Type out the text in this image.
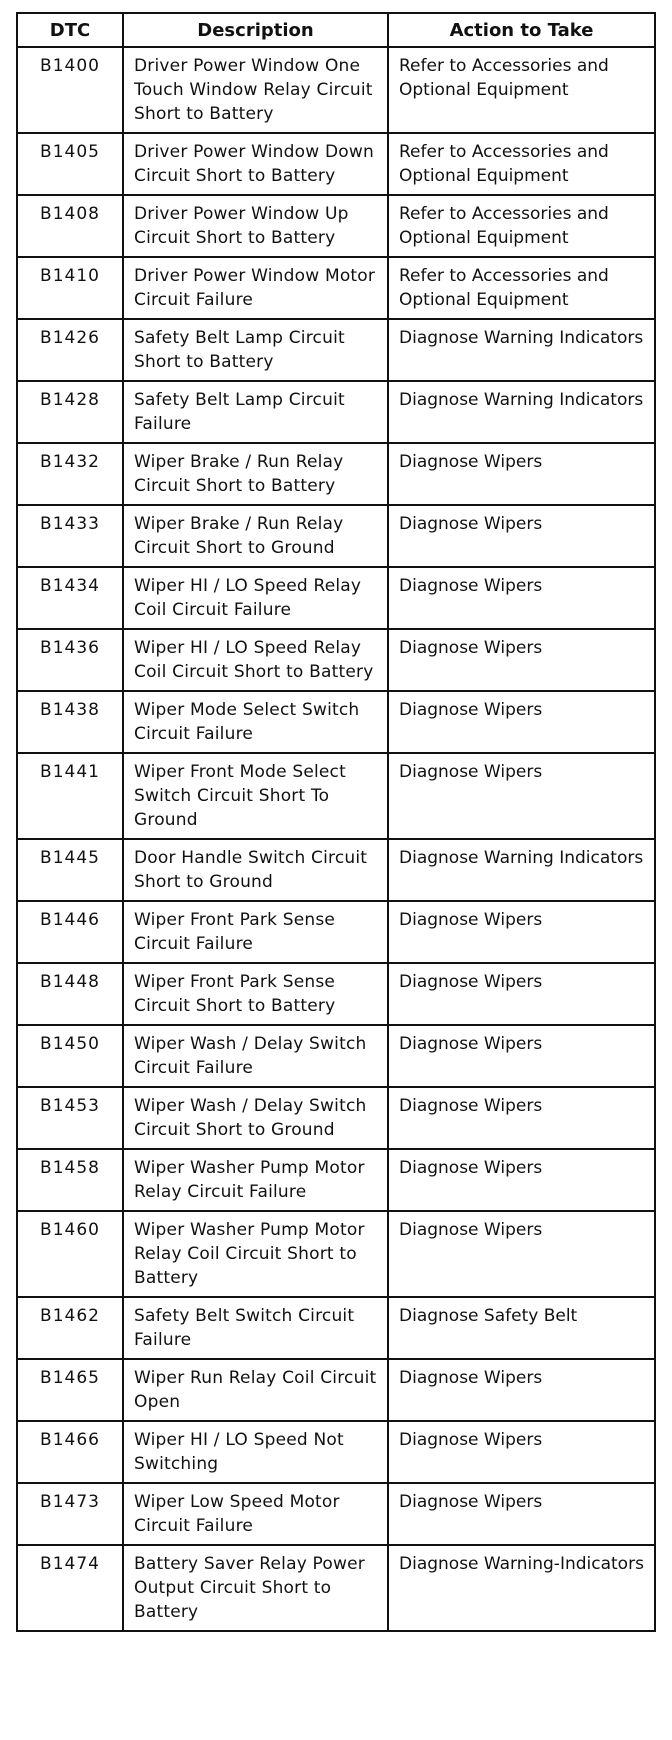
DTC	Description	Action to Take
B1400	Driver Power Window One Touch Window Relay Circuit Short to Battery	Refer to Accessories and Optional Equipment
B1405	Driver Power Window Down Circuit Short to Battery	Refer to Accessories and Optional Equipment
B1408	Driver Power Window Up Circuit Short to Battery	Refer to Accessories and Optional Equipment
B1410	Driver Power Window Motor Circuit Failure	Refer to Accessories and Optional Equipment
B1426	Safety Belt Lamp Circuit Short to Battery	Diagnose Warning Indicators
B1428	Safety Belt Lamp Circuit Failure	Diagnose Warning Indicators
B1432	Wiper Brake / Run Relay Circuit Short to Battery	Diagnose Wipers
B1433	Wiper Brake / Run Relay Circuit Short to Ground	Diagnose Wipers
B1434	Wiper HI / LO Speed Relay Coil Circuit Failure	Diagnose Wipers
B1436	Wiper HI / LO Speed Relay Coil Circuit Short to Battery	Diagnose Wipers
B1438	Wiper Mode Select Switch Circuit Failure	Diagnose Wipers
B1441	Wiper Front Mode Select Switch Circuit Short To Ground	Diagnose Wipers
B1445	Door Handle Switch Circuit Short to Ground	Diagnose Warning Indicators
B1446	Wiper Front Park Sense Circuit Failure	Diagnose Wipers
B1448	Wiper Front Park Sense Circuit Short to Battery	Diagnose Wipers
B1450	Wiper Wash / Delay Switch Circuit Failure	Diagnose Wipers
B1453	Wiper Wash / Delay Switch Circuit Short to Ground	Diagnose Wipers
B1458	Wiper Washer Pump Motor Relay Circuit Failure	Diagnose Wipers
B1460	Wiper Washer Pump Motor Relay Coil Circuit Short to Battery	Diagnose Wipers
B1462	Safety Belt Switch Circuit Failure	Diagnose Safety Belt
B1465	Wiper Run Relay Coil Circuit Open	Diagnose Wipers
B1466	Wiper HI / LO Speed Not Switching	Diagnose Wipers
B1473	Wiper Low Speed Motor Circuit Failure	Diagnose Wipers
B1474	Battery Saver Relay Power Output Circuit Short to Battery	Diagnose Warning-Indicators
